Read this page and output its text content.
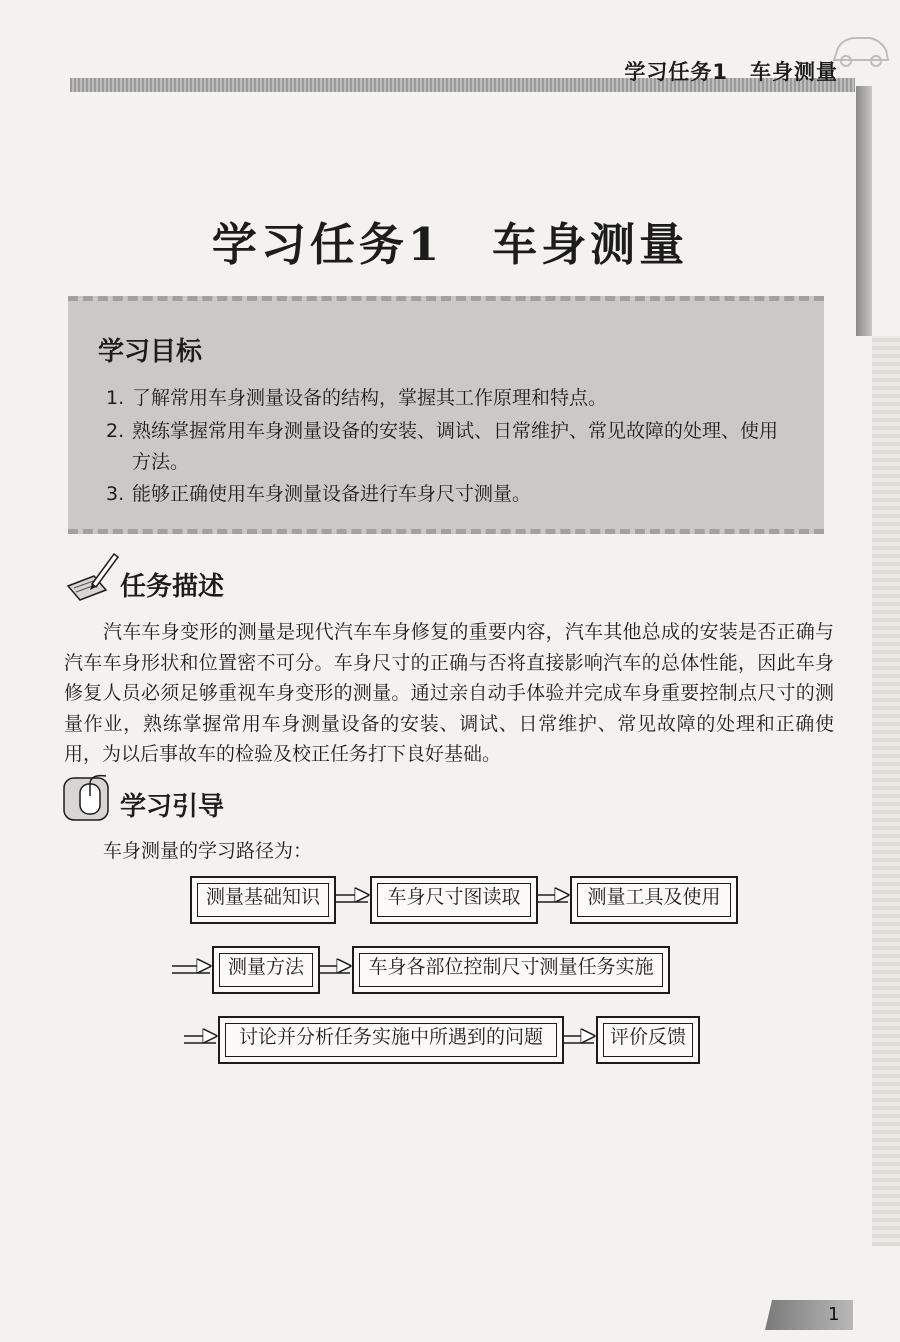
学习任务1 车身测量
学习任务1　车身测量
学习目标
1. 了解常用车身测量设备的结构，掌握其工作原理和特点。
2. 熟练掌握常用车身测量设备的安装、调试、日常维护、常见故障的处理、使用
方法。
3. 能够正确使用车身测量设备进行车身尺寸测量。
任务描述
汽车车身变形的测量是现代汽车车身修复的重要内容，汽车其他总成的安装是否正确与汽车车身形状和位置密不可分。车身尺寸的正确与否将直接影响汽车的总体性能，因此车身修复人员必须足够重视车身变形的测量。通过亲自动手体验并完成车身重要控制点尺寸的测量作业，熟练掌握常用车身测量设备的安装、调试、日常维护、常见故障的处理和正确使用，为以后事故车的检验及校正任务打下良好基础。
学习引导
车身测量的学习路径为：
测量基础知识	车身尺寸图读取	测量工具及使用
测量方法	车身各部位控制尺寸测量任务实施
讨论并分析任务实施中所遇到的问题	评价反馈
1
